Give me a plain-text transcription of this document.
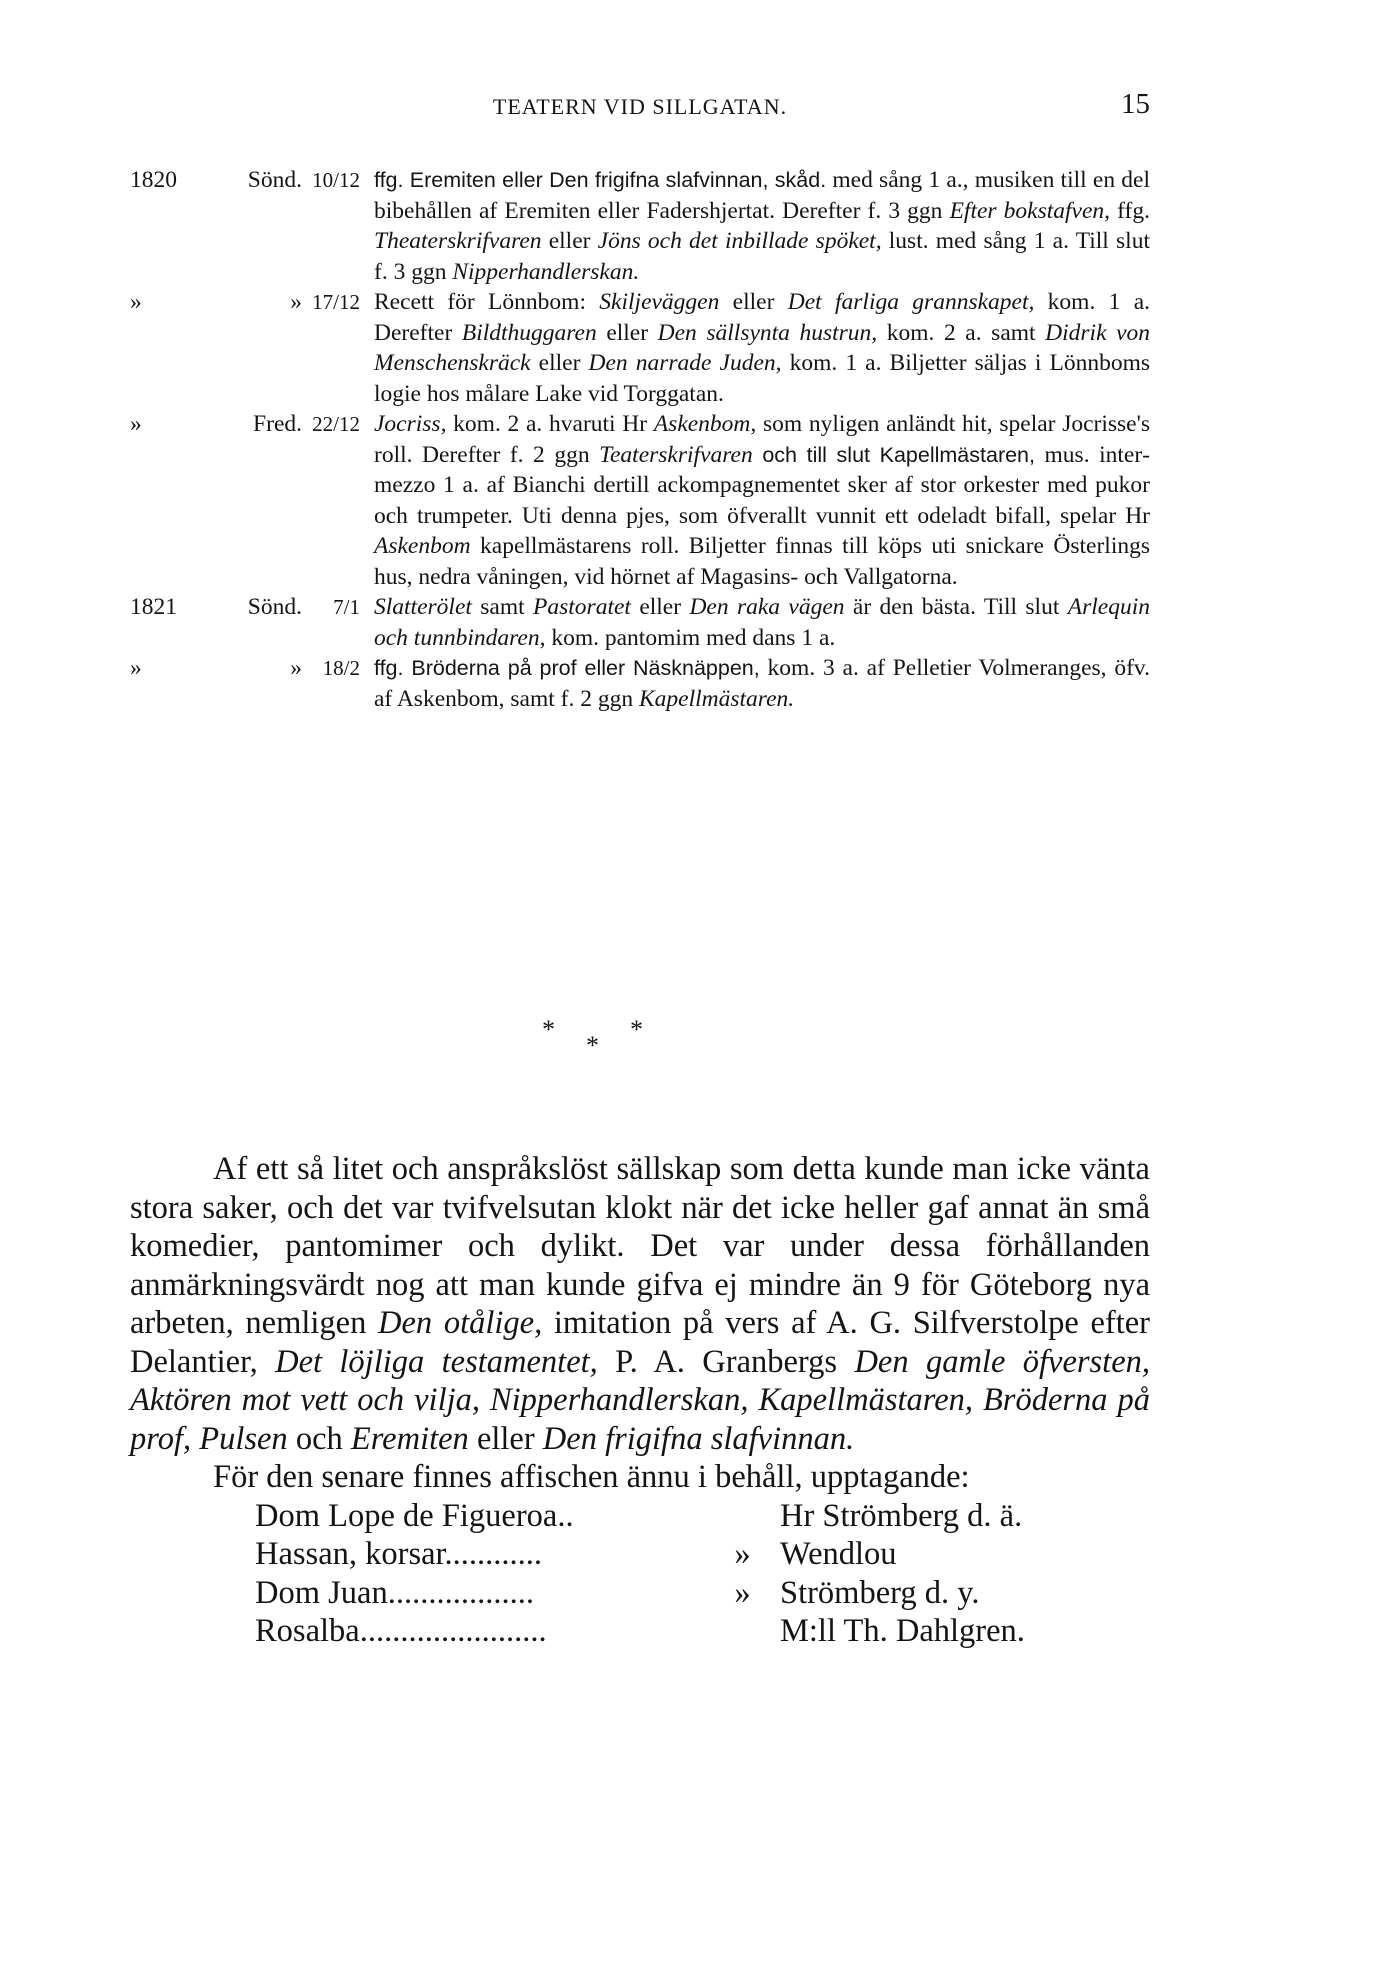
TEATERN VID SILLGATAN.	15
1820	Sönd. 10/12 ffg. Eremiten eller Den frigifna slafvinnan, skåd. med sång 1 a., musiken till en del bibehållen af Eremiten eller Fadershjertat. Derefter f. 3 ggn Efter bokstafven, ffg. Theaterskrifvaren eller Jöns och det inbillade spöket, lust. med sång 1 a. Till slut f. 3 ggn Nipperhandlerskan.
»	» 17/12 Recett för Lönnbom: Skiljeväggen eller Det farliga grannskapet, kom. 1 a. Derefter Bildthuggaren eller Den sällsynta hustrun, kom. 2 a. samt Didrik von Menschenskräck eller Den narrade Juden, kom. 1 a. Biljetter säljas i Lönnboms logie hos målare Lake vid Torggatan.
»	Fred. 22/12 Jocriss, kom. 2 a. hvaruti Hr Askenbom, som nyligen anländt hit, spelar Jocrisse's roll. Derefter f. 2 ggn Teaterskrifvaren och till slut Kapellmästaren, mus. intermezzo 1 a. af Bianchi dertill ackompagnementet sker af stor orkester med pukor och trumpeter. Uti denna pjes, som öfverallt vunnit ett odeladt bifall, spelar Hr Askenbom kapellmästarens roll. Biljetter finnas till köps uti snickare Österlings hus, nedra våningen, vid hörnet af Magasins- och Vallgatorna.
1821	Sönd.	7/1 Slatterölet samt Pastoratet eller Den raka vägen är den bästa. Till slut Arlequin och tunnbindaren, kom. pantomim med dans 1 a.
»	» 18/2 ffg. Bröderna på prof eller Näsknäppen, kom. 3 a. af Pelletier Volmeranges, öfv. af Askenbom, samt f. 2 ggn Kapellmästaren.
*	*
*

Af ett så litet och anspråkslöst sällskap som detta kunde man icke vänta stora saker, och det var tvifvelsutan klokt när det icke heller gaf annat än små komedier, pantomimer och dylikt. Det var under dessa förhållanden anmärkningsvärdt nog att man kunde gifva ej mindre än 9 för Göteborg nya arbeten, nemligen Den otålige, imitation på vers af A. G. Silfverstolpe efter Delantier, Det löjliga testamentet, P. A. Granbergs Den gamle öfversten, Aktören mot vett och vilja, Nipperhandlerskan, Kapellmästaren, Bröderna på prof, Pulsen och Eremiten eller Den frigifna slafvinnan.

För den senare finnes affischen ännu i behåll, upptagande:

Dom Lope de Figueroa..	Hr Strömberg d. ä.
Hassan, korsar............	» Wendlou
Dom Juan..................	» Strömberg d. y.
Rosalba.......................	M:ll Th. Dahlgren.
